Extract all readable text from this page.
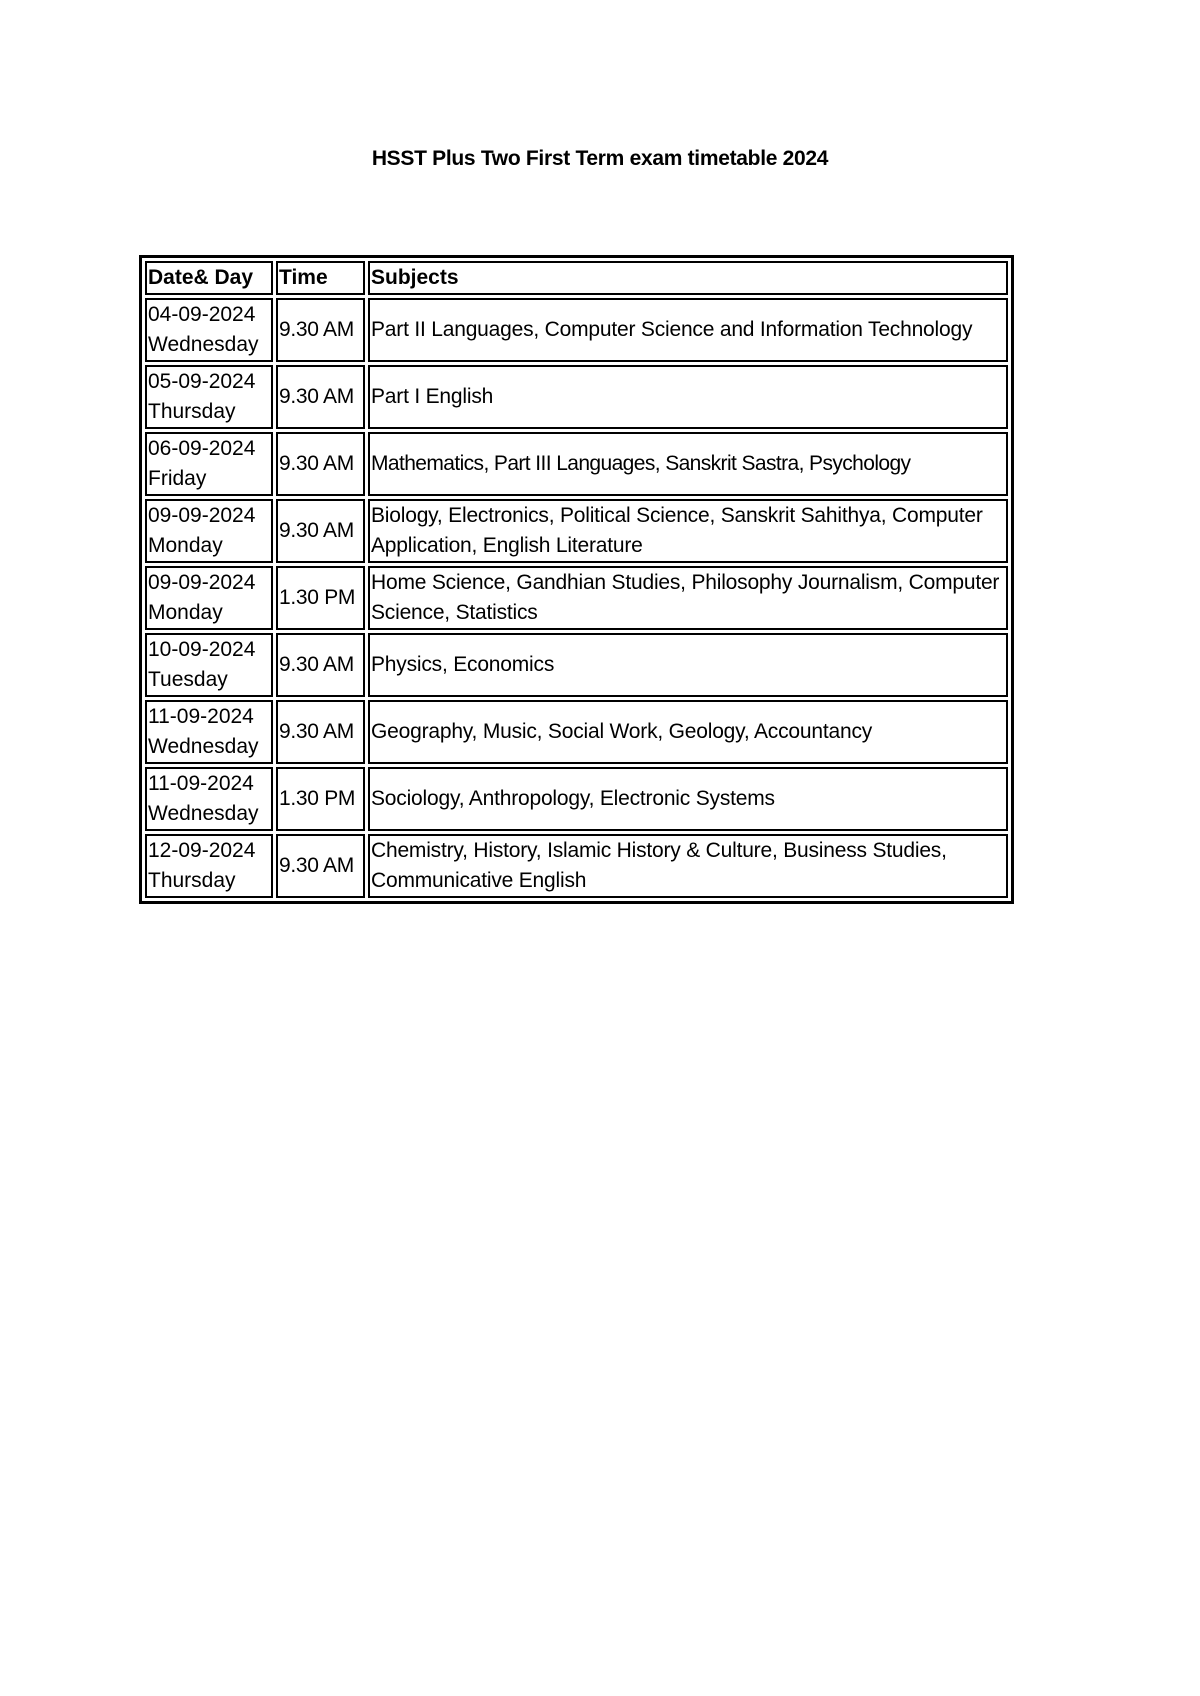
HSST Plus Two First Term exam timetable 2024
Date& Day	Time	Subjects

04-09-2024
Wednesday	9.30 AM	Part II Languages, Computer Science and Information Technology

05-09-2024
Thursday	9.30 AM	Part I English

06-09-2024
Friday	9.30 AM	Mathematics, Part III Languages, Sanskrit Sastra, Psychology

09-09-2024
Monday	9.30 AM	Biology, Electronics, Political Science, Sanskrit Sahithya, Computer Application, English Literature

09-09-2024
Monday	1.30 PM	Home Science, Gandhian Studies, Philosophy Journalism, Computer Science, Statistics

10-09-2024
Tuesday	9.30 AM	Physics, Economics

11-09-2024
Wednesday	9.30 AM	Geography, Music, Social Work, Geology, Accountancy

11-09-2024
Wednesday	1.30 PM	Sociology, Anthropology, Electronic Systems

12-09-2024
Thursday	9.30 AM	Chemistry, History, Islamic History & Culture, Business Studies, Communicative English
